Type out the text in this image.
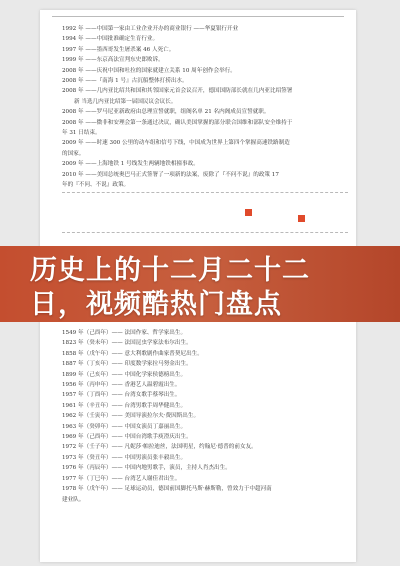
1992 年 ——中国第一家由工业企业开办的商业银行 ——华夏银行开业
1994 年 ——中国批准确定生育行业。
1997 年 ——墨西哥发生屠杀案 46 人死亡。
1999 年 ——东京高法宣判东史郎败诉。
2008 年 ——庆祝中国和吐拉的国家就建立关系 10 周年创作会举行。
2008 年 ——『南海 1 号』古沉船整体打捞出水。
2008 年 ——几内亚比绍共和国和其邻国家元首会议召开，德国国防部长就在几内亚比绍签署
新 当选几内亚比绍第一届国民议会议长。
2008 年 ——罗马尼亚新政府由总理宣誓就职，组阁名单 21 名内阁成员宣誓就职。
2008 年 ——微非和安理会第一条通过决议，确认美国掌握的部分联合国维和部队安全维持于
年 31 日结束。
2009 年 ——时速 300 公里的动车组和信号下线，中国成为世界上第四个掌握高速铁路制造
的国家。
2009 年 ——上海地铁 1 号线发生两辆地铁相撞事故。
2010 年 ——美国总统奥巴马正式签署了一项新的法案，废除了『不问不说』的政策 17
年的『不问、不说』政策。
1549 年（己酉年）—— 法国作家、哲学家出生。
1823 年（癸未年）—— 法国昆虫学家法布尔出生。
1858 年（戊午年）—— 意大利歌剧作曲家普契尼出生。
1887 年（丁亥年）—— 印度数学家拉马努金出生。
1899 年（己亥年）—— 中国化学家侯德榜出生。
1956 年（丙申年）—— 香港艺人温碧霞出生。
1957 年（丁酉年）—— 台湾女歌手蔡琴出生。
1961 年（辛丑年）—— 台湾男歌手周华健出生。
1962 年（壬寅年）—— 美国导演拉尔夫·费因斯出生。
1963 年（癸卯年）—— 中国女演员丁嘉丽出生。
1969 年（己酉年）—— 中国台湾歌手庾澄庆出生。
1972 年（壬子年）—— 凡妮莎·帕拉迪丝，法国明星，约翰尼·德普的前女友。
1973 年（癸丑年）—— 中国男演员张丰毅出生。
1976 年（丙辰年）—— 中国内地男歌手，演员，主持人肖杰出生。
1977 年（丁巳年）—— 台湾艺人谢佳君出生。
1978 年（戊午年）—— 足球运动员，德国前国脚托马斯·赫斯勒，曾效力于中超河南
建业队。
历史上的十二月二十二
日，视频酷热门盘点
